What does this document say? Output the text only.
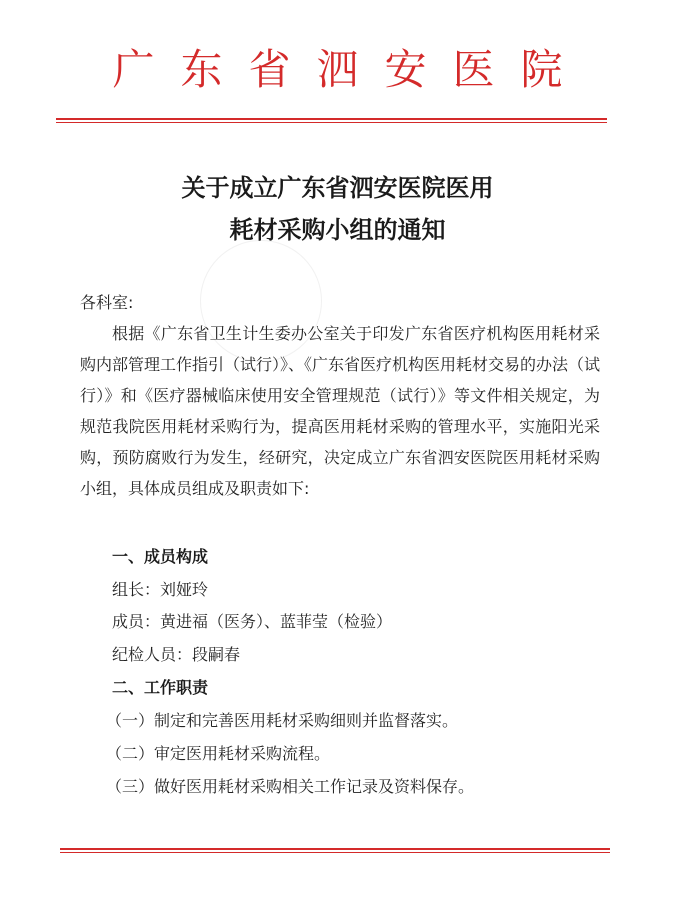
广东省泗安医院
关于成立广东省泗安医院医用
耗材采购小组的通知
各科室:
根据《广东省卫生计生委办公室关于印发广东省医疗机构医用耗材采购内部管理工作指引（试行）》、《广东省医疗机构医用耗材交易的办法（试行）》和《医疗器械临床使用安全管理规范（试行）》等文件相关规定，为规范我院医用耗材采购行为，提高医用耗材采购的管理水平，实施阳光采购，预防腐败行为发生，经研究，决定成立广东省泗安医院医用耗材采购小组，具体成员组成及职责如下:
一、成员构成
组长：刘娅玲
成员：黄进福（医务）、蓝菲莹（检验）
纪检人员：段嗣春
二、工作职责
（一）制定和完善医用耗材采购细则并监督落实。
（二）审定医用耗材采购流程。
（三）做好医用耗材采购相关工作记录及资料保存。
